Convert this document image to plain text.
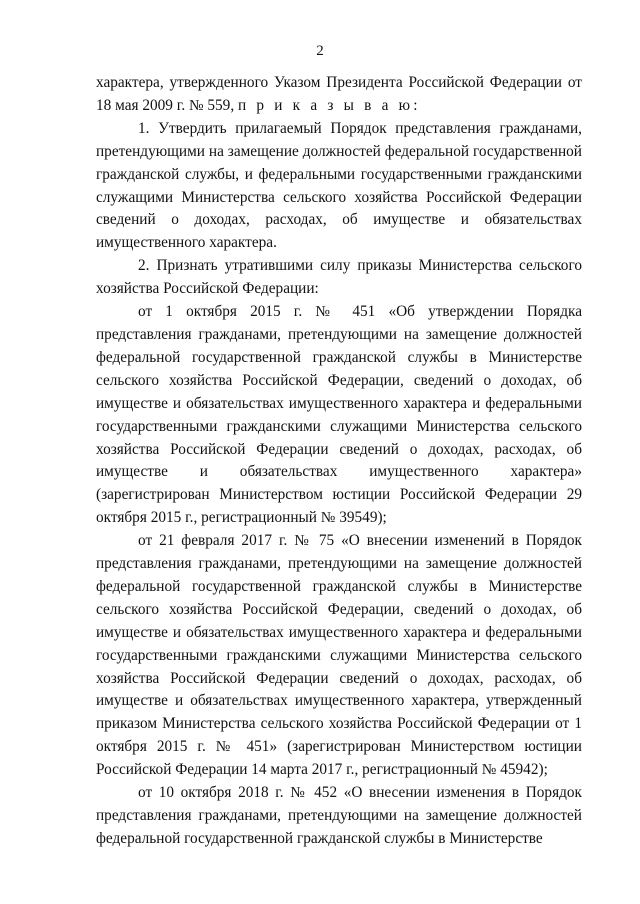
2

характера, утвержденного Указом Президента Российской Федерации от 18 мая 2009 г. № 559, п р и к а з ы в а ю:

1. Утвердить прилагаемый Порядок представления гражданами, претендующими на замещение должностей федеральной государственной гражданской службы, и федеральными государственными гражданскими служащими Министерства сельского хозяйства Российской Федерации сведений о доходах, расходах, об имуществе и обязательствах имущественного характера.

2. Признать утратившими силу приказы Министерства сельского хозяйства Российской Федерации:

от 1 октября 2015 г. № 451 «Об утверждении Порядка представления гражданами, претендующими на замещение должностей федеральной государственной гражданской службы в Министерстве сельского хозяйства Российской Федерации, сведений о доходах, об имуществе и обязательствах имущественного характера и федеральными государственными гражданскими служащими Министерства сельского хозяйства Российской Федерации сведений о доходах, расходах, об имуществе и обязательствах имущественного характера» (зарегистрирован Министерством юстиции Российской Федерации 29 октября 2015 г., регистрационный № 39549);

от 21 февраля 2017 г. № 75 «О внесении изменений в Порядок представления гражданами, претендующими на замещение должностей федеральной государственной гражданской службы в Министерстве сельского хозяйства Российской Федерации, сведений о доходах, об имуществе и обязательствах имущественного характера и федеральными государственными гражданскими служащими Министерства сельского хозяйства Российской Федерации сведений о доходах, расходах, об имуществе и обязательствах имущественного характера, утвержденный приказом Министерства сельского хозяйства Российской Федерации от 1 октября 2015 г. № 451» (зарегистрирован Министерством юстиции Российской Федерации 14 марта 2017 г., регистрационный № 45942);

от 10 октября 2018 г. № 452 «О внесении изменения в Порядок представления гражданами, претендующими на замещение должностей федеральной государственной гражданской службы в Министерстве
